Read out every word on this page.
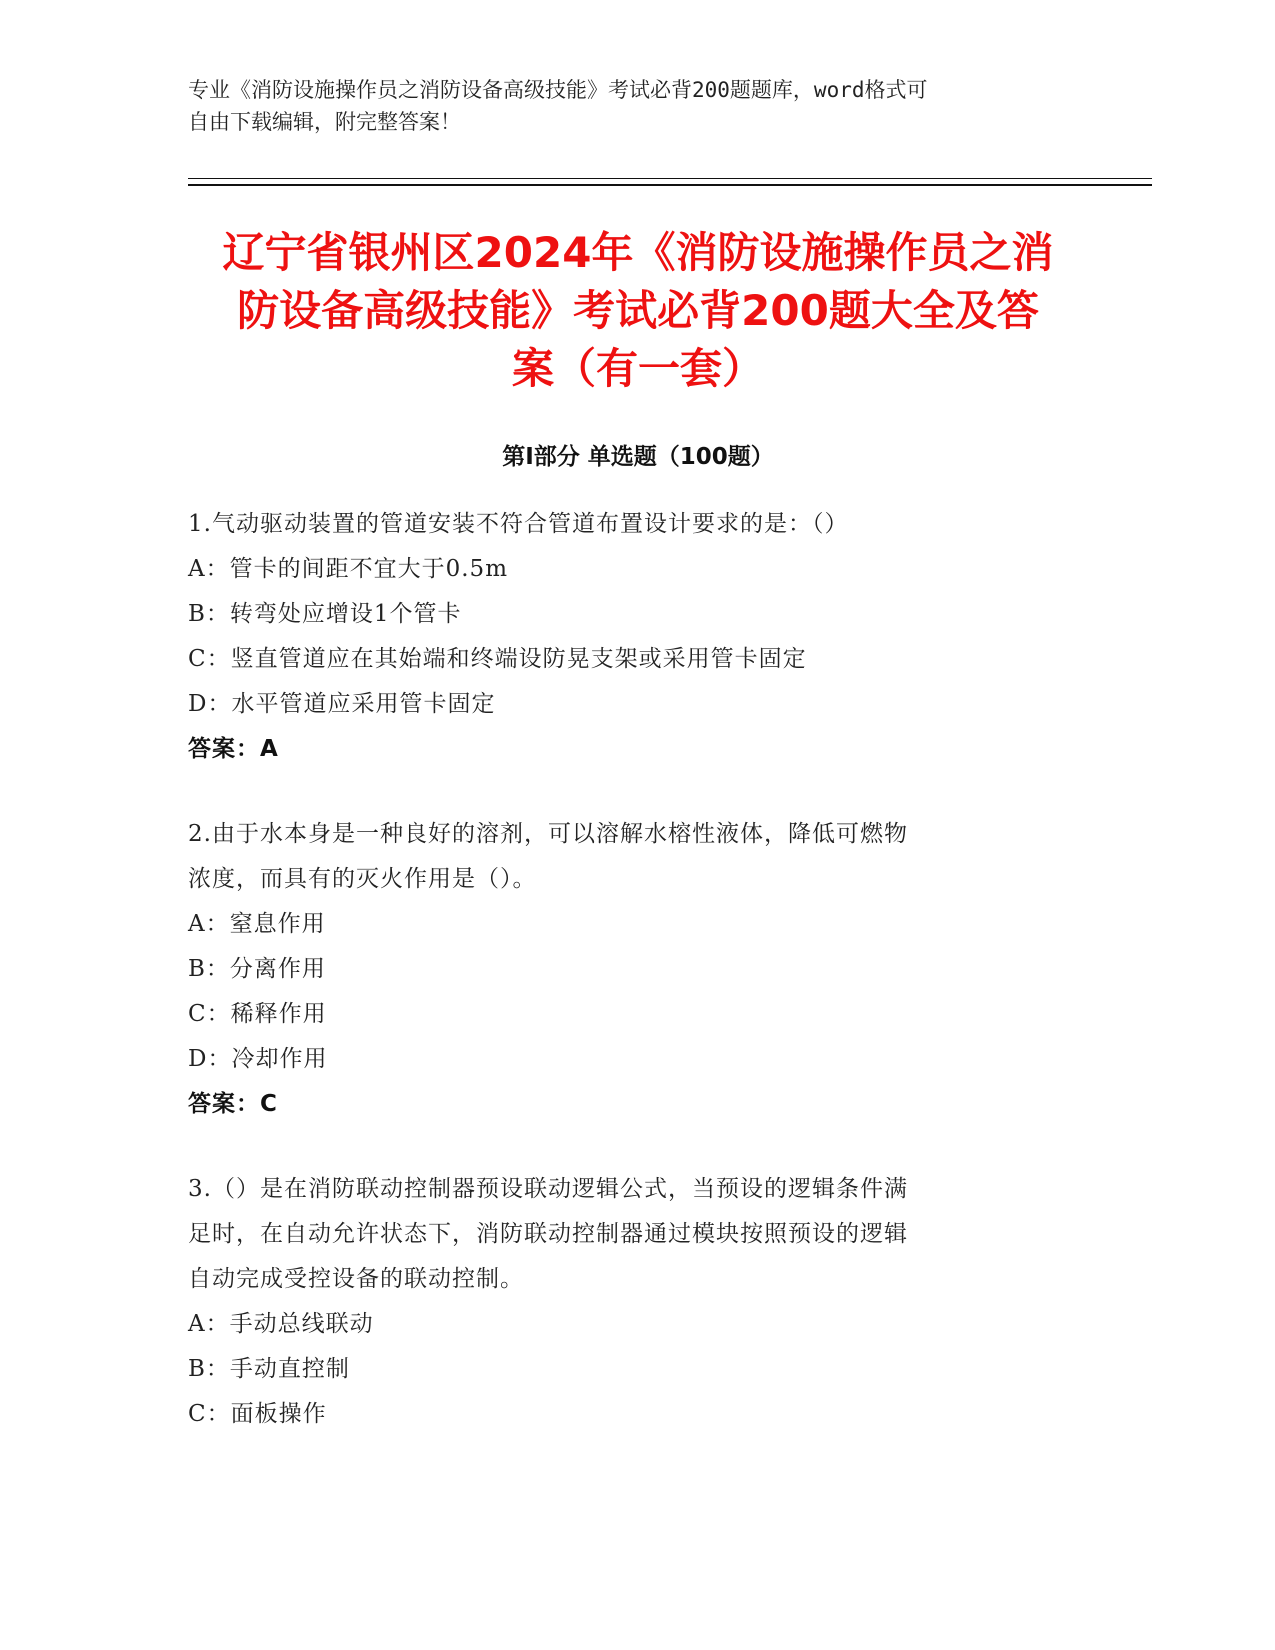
专业《消防设施操作员之消防设备高级技能》考试必背200题题库，word格式可
自由下载编辑，附完整答案！
辽宁省银州区2024年《消防设施操作员之消
防设备高级技能》考试必背200题大全及答
案（有一套）
第Ⅰ部分 单选题（100题）
1.气动驱动装置的管道安装不符合管道布置设计要求的是：（）
A：管卡的间距不宜大于0.5m
B：转弯处应增设1个管卡
C：竖直管道应在其始端和终端设防晃支架或采用管卡固定
D：水平管道应采用管卡固定
答案：A
2.由于水本身是一种良好的溶剂，可以溶解水榕性液体，降低可燃物
浓度，而具有的灭火作用是（）。
A：窒息作用
B：分离作用
C：稀释作用
D：冷却作用
答案：C
3.（）是在消防联动控制器预设联动逻辑公式，当预设的逻辑条件满
足时，在自动允许状态下，消防联动控制器通过模块按照预设的逻辑
自动完成受控设备的联动控制。
A：手动总线联动
B：手动直控制
C：面板操作
